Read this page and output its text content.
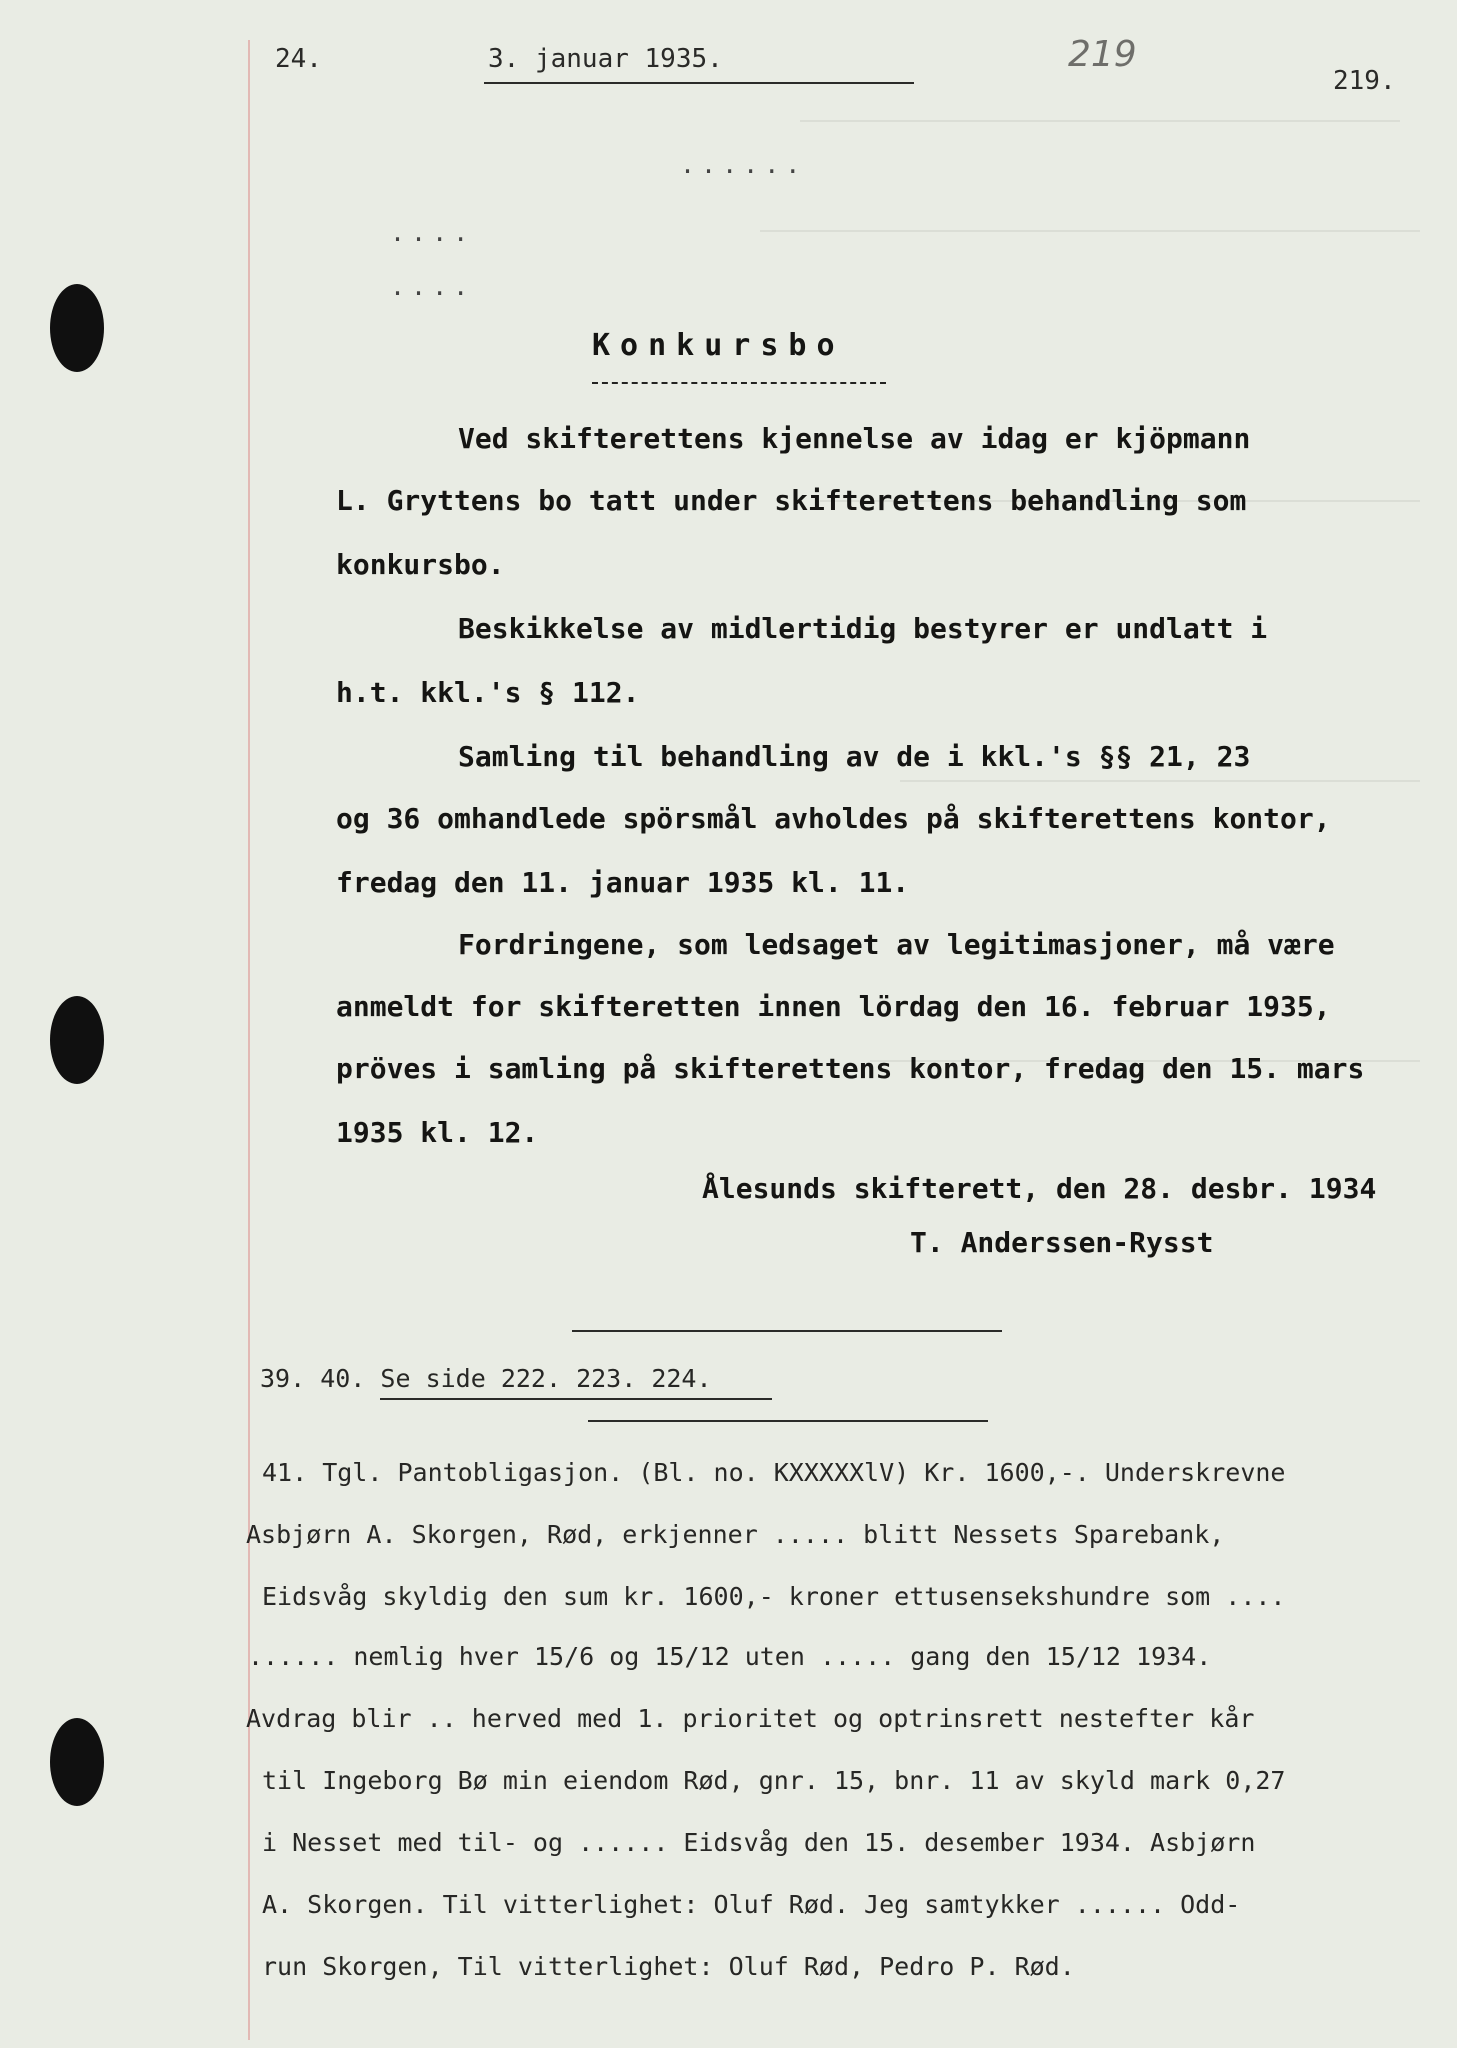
24.	3. januar 1935.	219
219.
....
....
......
Konkursbo
Ved skifterettens kjennelse av idag er kjöpmann
L. Gryttens bo tatt under skifterettens behandling som
konkursbo.
Beskikkelse av midlertidig bestyrer er undlatt i
h.t. kkl.'s § 112.
Samling til behandling av de i kkl.'s §§ 21, 23
og 36 omhandlede spörsmål avholdes på skifterettens kontor,
fredag den 11. januar 1935 kl. 11.
Fordringene, som ledsaget av legitimasjoner, må være
anmeldt for skifteretten innen lördag den 16. februar 1935,
pröves i samling på skifterettens kontor, fredag den 15. mars
1935 kl. 12.
Ålesunds skifterett, den 28. desbr. 1934
T. Anderssen-Rysst
39. 40. Se side 222. 223. 224.
41. Tgl. Pantobligasjon. (Bl. no. KXXXXXlV) Kr. 1600,-. Underskrevne
Asbjørn A. Skorgen, Rød, erkjenner ..... blitt Nessets Sparebank,
Eidsvåg skyldig den sum kr. 1600,- kroner ettusensekshundre som ....
...... nemlig hver 15/6 og 15/12 uten ..... gang den 15/12 1934.
Avdrag blir .. herved med 1. prioritet og optrinsrett nestefter kår
til Ingeborg Bø min eiendom Rød, gnr. 15, bnr. 11 av skyld mark 0,27
i Nesset med til- og ...... Eidsvåg den 15. desember 1934. Asbjørn
A. Skorgen. Til vitterlighet: Oluf Rød. Jeg samtykker ...... Odd-
run Skorgen, Til vitterlighet: Oluf Rød, Pedro P. Rød.
